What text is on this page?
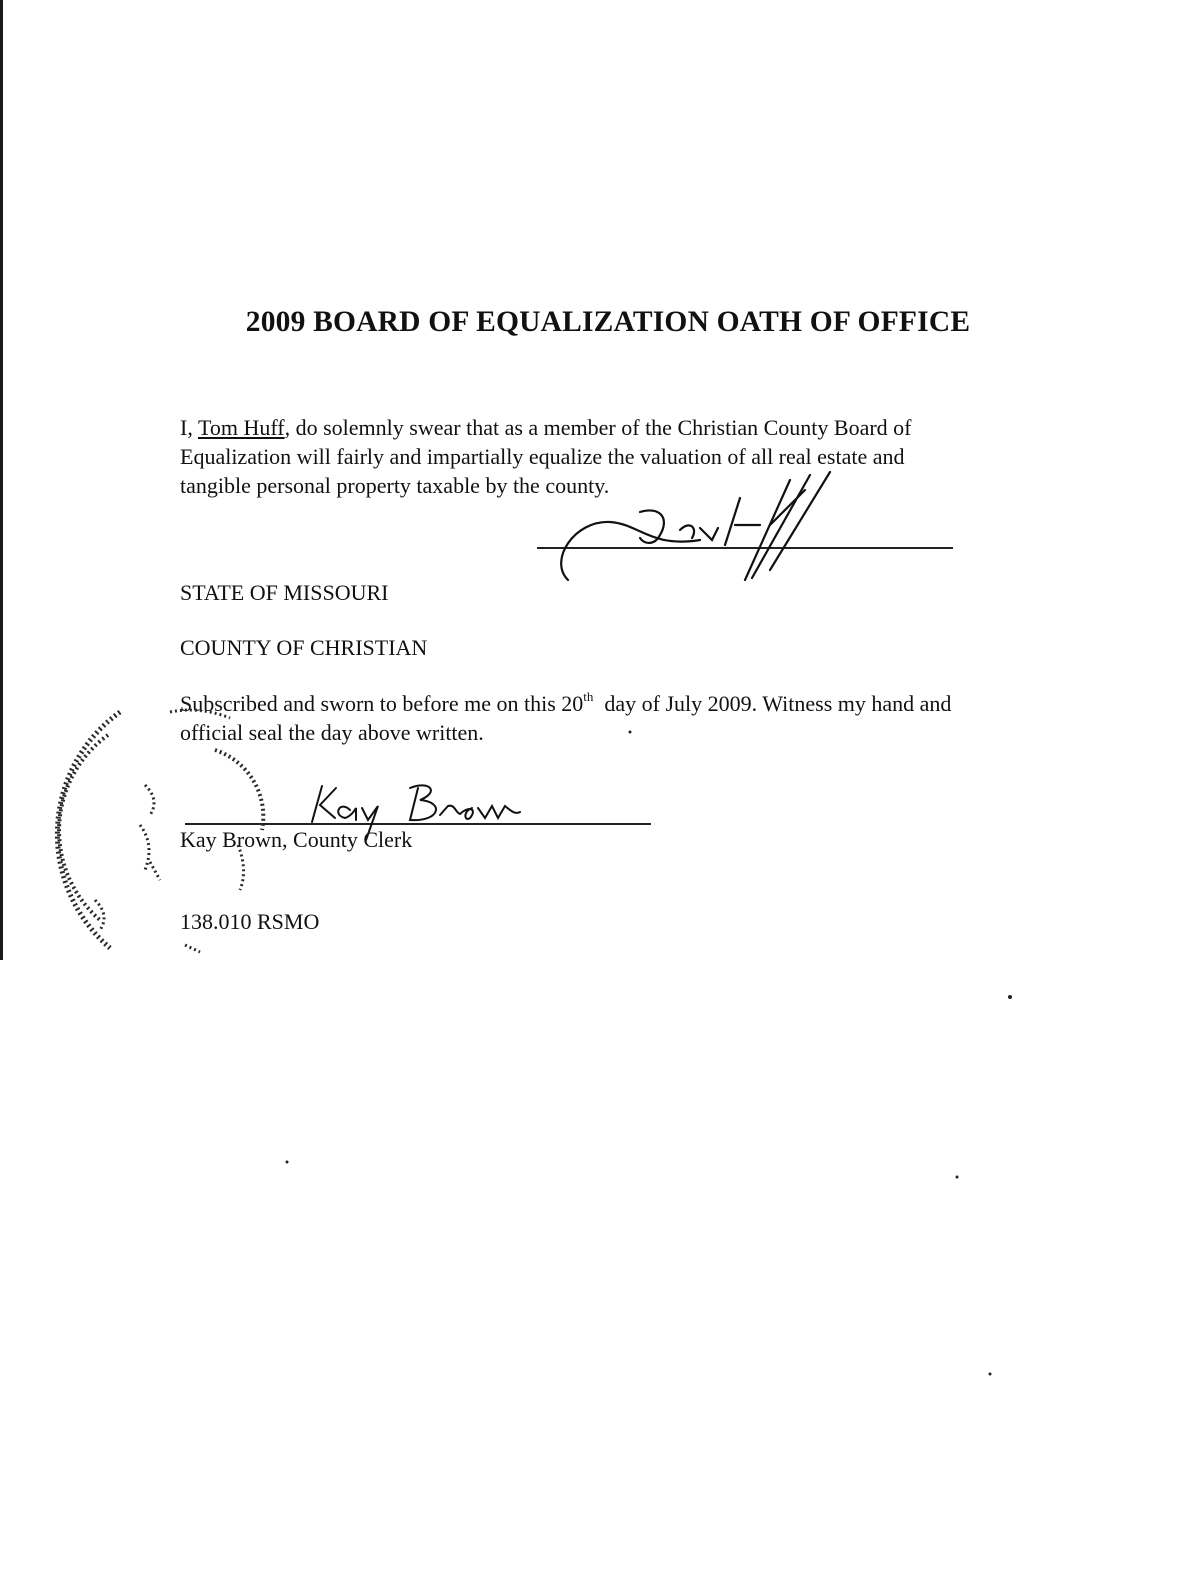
2009 BOARD OF EQUALIZATION OATH OF OFFICE
I, Tom Huff, do solemnly swear that as a member of the Christian County Board of
Equalization will fairly and impartially equalize the valuation of all real estate and
tangible personal property taxable by the county.
STATE OF MISSOURI
COUNTY OF CHRISTIAN
Subscribed and sworn to before me on this 20th  day of July 2009. Witness my hand and
official seal the day above written.
Kay Brown, County Clerk
138.010 RSMO
